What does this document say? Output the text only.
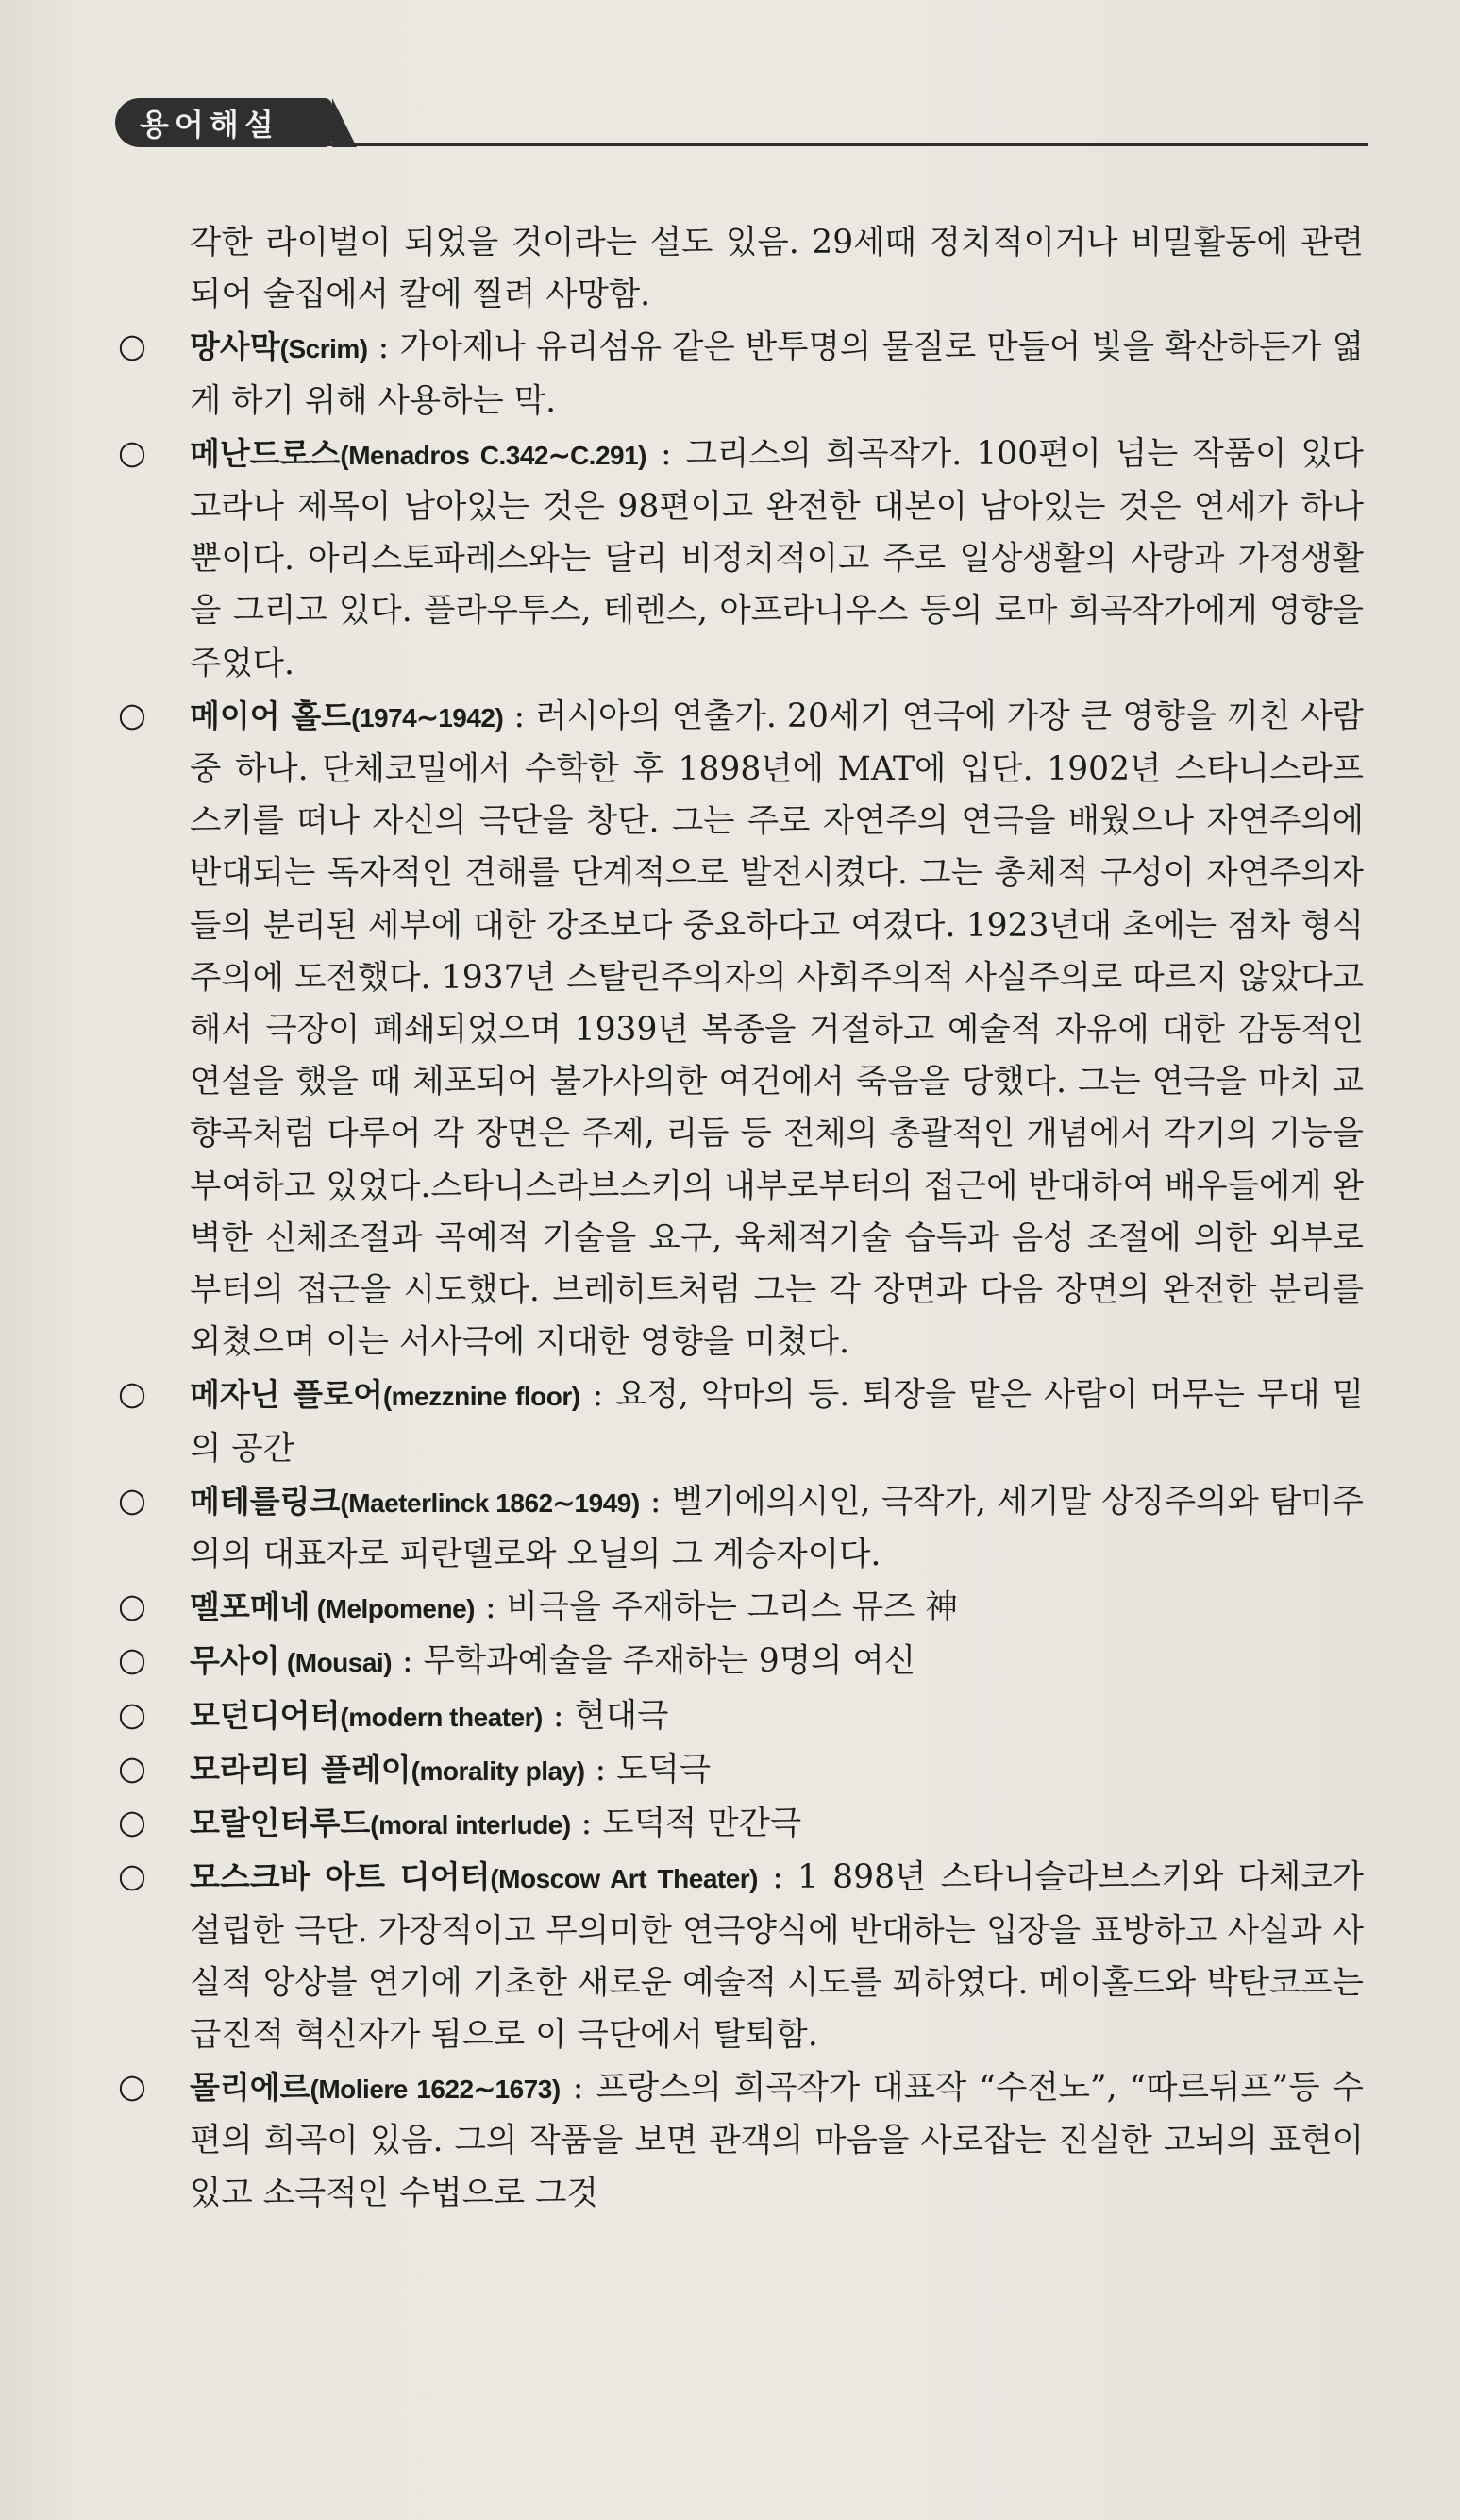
용어해설
각한 라이벌이 되었을 것이라는 설도 있음. 29세때 정치적이거나 비밀활동에 관련되어 술집에서 칼에 찔려 사망함.
○ 망사막(Scrim) : 가아제나 유리섬유 같은 반투명의 물질로 만들어 빛을 확산하든가 엷게 하기 위해 사용하는 막.
○ 메난드로스(Menadros C.342∼C.291) : 그리스의 희곡작가. 100편이 넘는 작품이 있다고라나 제목이 남아있는 것은 98편이고 완전한 대본이 남아있는 것은 연세가 하나뿐이다. 아리스토파레스와는 달리 비정치적이고 주로 일상생활의 사랑과 가정생활을 그리고 있다. 플라우투스, 테렌스, 아프라니우스 등의 로마 희곡작가에게 영향을 주었다.
○ 메이어 홀드(1974∼1942) : 러시아의 연출가. 20세기 연극에 가장 큰 영향을 끼친 사람 중 하나. 단체코밀에서 수학한 후 1898년에 MAT에 입단. 1902년 스타니스라프 스키를 떠나 자신의 극단을 창단. 그는 주로 자연주의 연극을 배웠으나 자연주의에 반대되는 독자적인 견해를 단계적으로 발전시켰다. 그는 총체적 구성이 자연주의자들의 분리된 세부에 대한 강조보다 중요하다고 여겼다. 1923년대 초에는 점차 형식주의에 도전했다. 1937년 스탈린주의자의 사회주의적 사실주의로 따르지 않았다고 해서 극장이 폐쇄되었으며 1939년 복종을 거절하고 예술적 자유에 대한 감동적인 연설을 했을 때 체포되어 불가사의한 여건에서 죽음을 당했다. 그는 연극을 마치 교향곡처럼 다루어 각 장면은 주제, 리듬 등 전체의 총괄적인 개념에서 각기의 기능을 부여하고 있었다.스타니스라브스키의 내부로부터의 접근에 반대하여 배우들에게 완벽한 신체조절과 곡예적 기술을 요구, 육체적기술 습득과 음성 조절에 의한 외부로부터의 접근을 시도했다. 브레히트처럼 그는 각 장면과 다음 장면의 완전한 분리를 외쳤으며 이는 서사극에 지대한 영향을 미쳤다.
○ 메자닌 플로어(mezznine floor) : 요정, 악마의 등. 퇴장을 맡은 사람이 머무는 무대 밑의 공간
○ 메테를링크(Maeterlinck 1862∼1949) : 벨기에의시인, 극작가, 세기말 상징주의와 탐미주의의 대표자로 피란델로와 오닐의 그 계승자이다.
○ 멜포메네 (Melpomene) : 비극을 주재하는 그리스 뮤즈 神
○ 무사이 (Mousai) : 무학과예술을 주재하는 9명의 여신
○ 모던디어터(modern theater) : 현대극
○ 모라리티 플레이(morality play) : 도덕극
○ 모랄인터루드(moral interlude) : 도덕적 만간극
○ 모스크바 아트 디어터(Moscow Art Theater) : 1 898년 스타니슬라브스키와 다체코가 설립한 극단. 가장적이고 무의미한 연극양식에 반대하는 입장을 표방하고 사실과 사실적 앙상블 연기에 기초한 새로운 예술적 시도를 꾀하였다. 메이홀드와 박탄코프는 급진적 혁신자가 됨으로 이 극단에서 탈퇴함.
○ 몰리에르(Moliere 1622∼1673) : 프랑스의 희곡작가 대표작 “수전노”, “따르뒤프”등 수편의 희곡이 있음. 그의 작품을 보면 관객의 마음을 사로잡는 진실한 고뇌의 표현이 있고 소극적인 수법으로 그것
